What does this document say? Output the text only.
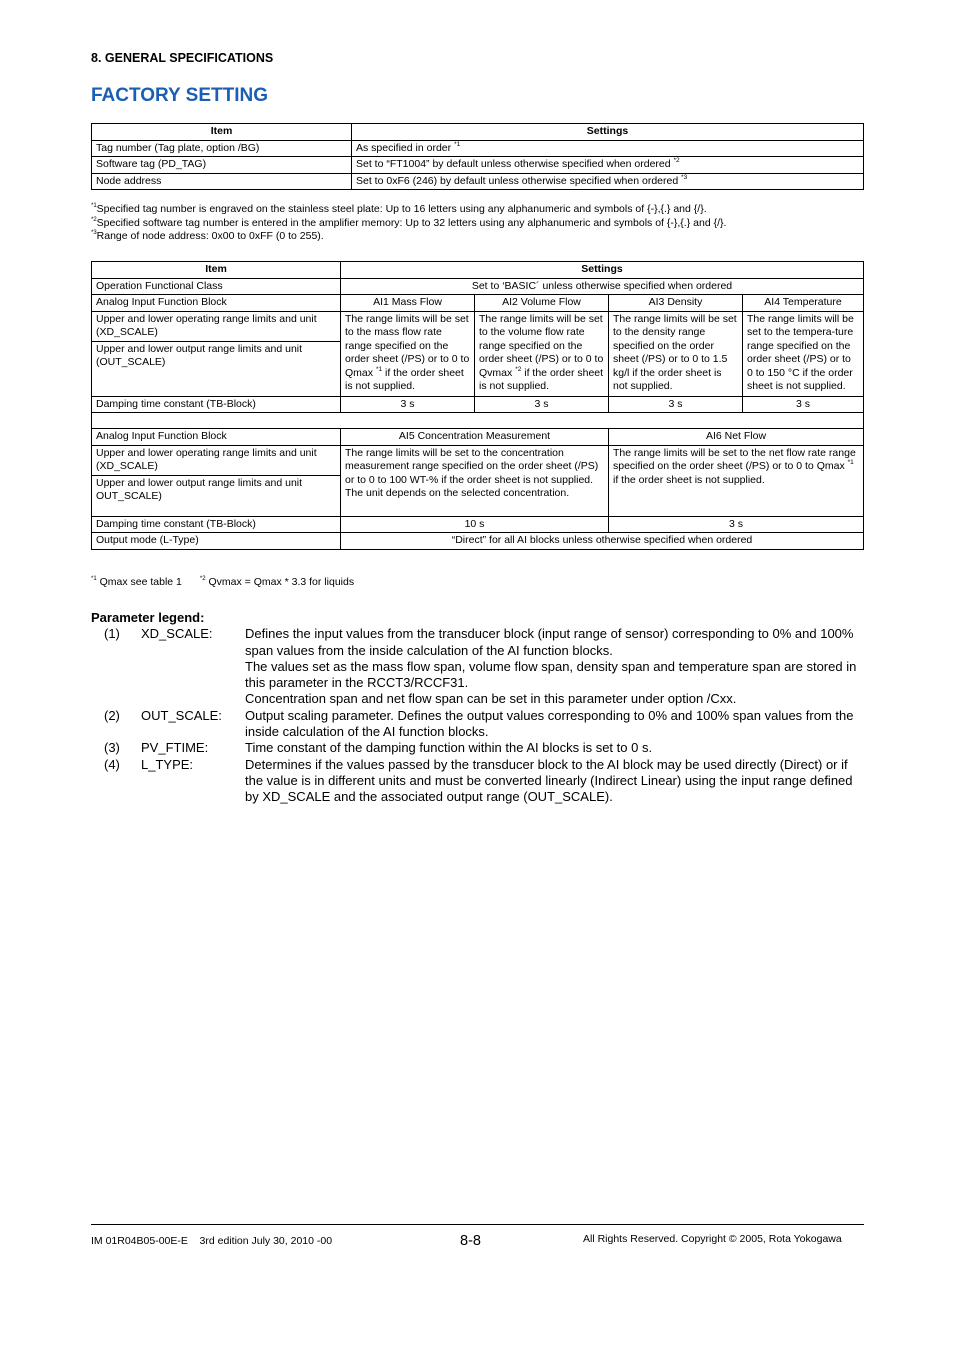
8. GENERAL SPECIFICATIONS
FACTORY SETTING
Item	Settings
Tag number (Tag plate, option /BG)	As specified in order $^{*1}$
Software tag (PD_TAG)	Set to “FT1004” by default unless otherwise specified when ordered $^{*2}$
Node address	Set to 0xF6 (246) by default unless otherwise specified when ordered $^{*3}$
$^{*1}$Specified tag number is engraved on the stainless steel plate: Up to 16 letters using any alphanumeric and symbols of {-},{.} and {/}.
$^{*2}$Specified software tag number is entered in the amplifier memory: Up to 32 letters using any alphanumeric and symbols of {-},{.} and {/}.
$^{*3}$Range of node address: 0x00 to 0xFF (0 to 255).
Item	Settings			
Operation Functional Class	Set to ‘BASIC´ unless otherwise specified when ordered			
Analog Input Function Block	AI1 Mass Flow	AI2 Volume Flow	AI3 Density	AI4 Temperature
Upper and lower operating range limits and unit (XD_SCALE)	The range limits will be set to the mass flow rate range specified on the order sheet (/PS) or to 0 to Qmax $^{*1}$ if the order sheet is not supplied.	The range limits will be set to the volume flow rate range specified on the order sheet (/PS) or to 0 to Qvmax $^{*2}$ if the order sheet is not supplied.	The range limits will be set to the density range specified on the order sheet (/PS) or to 0 to 1.5 kg/l if the order sheet is not supplied.	The range limits will be set to the tempera-ture range specified on the order sheet (/PS) or to 0 to 150 °C if the order sheet is not supplied.
Upper and lower output range limits and unit (OUT_SCALE)				
Damping time constant (TB-Block)	3 s	3 s	3 s	3 s

Analog Input Function Block	AI5 Concentration Measurement		AI6 Net Flow	
Upper and lower operating range limits and unit (XD_SCALE)	The range limits will be set to the concentration measurement range specified on the order sheet (/PS) or to 0 to 100 WT-% if the order sheet is not supplied. The unit depends on the selected concentration.		The range limits will be set to the net flow rate range specified on the order sheet (/PS) or to 0 to Qmax $^{*1}$ if the order sheet is not supplied.	
Upper and lower output range limits and unit OUT_SCALE)				
Damping time constant (TB-Block)	10 s		3 s	
Output mode (L-Type)	“Direct” for all AI blocks unless otherwise specified when ordered			
$^{*1}$ Qmax see table 1	$^{*2}$ Qvmax = Qmax * 3.3 for liquids
Parameter legend:
(1)	XD_SCALE:	Defines the input values from the transducer block (input range of sensor) corresponding to 0% and 100% span values from the inside calculation of the AI function blocks.
The values set as the mass flow span, volume flow span, density span and temperature span are stored in this parameter in the RCCT3/RCCF31.
Concentration span and net flow span can be set in this parameter under option /Cxx.
(2)	OUT_SCALE:	Output scaling parameter. Defines the output values corresponding to 0% and 100% span values from the inside calculation of the AI function blocks.
(3)	PV_FTIME:	Time constant of the damping function within the AI blocks is set to 0 s.
(4)	L_TYPE:	Determines if the values passed by the transducer block to the AI block may be used directly (Direct) or if the value is in different units and must be converted linearly (Indirect Linear) using the input range defined by XD_SCALE and the associated output range (OUT_SCALE).
IM 01R04B05-00E-E    3rd edition July 30, 2010 -00	8-8	All Rights Reserved. Copyright © 2005, Rota Yokogawa
